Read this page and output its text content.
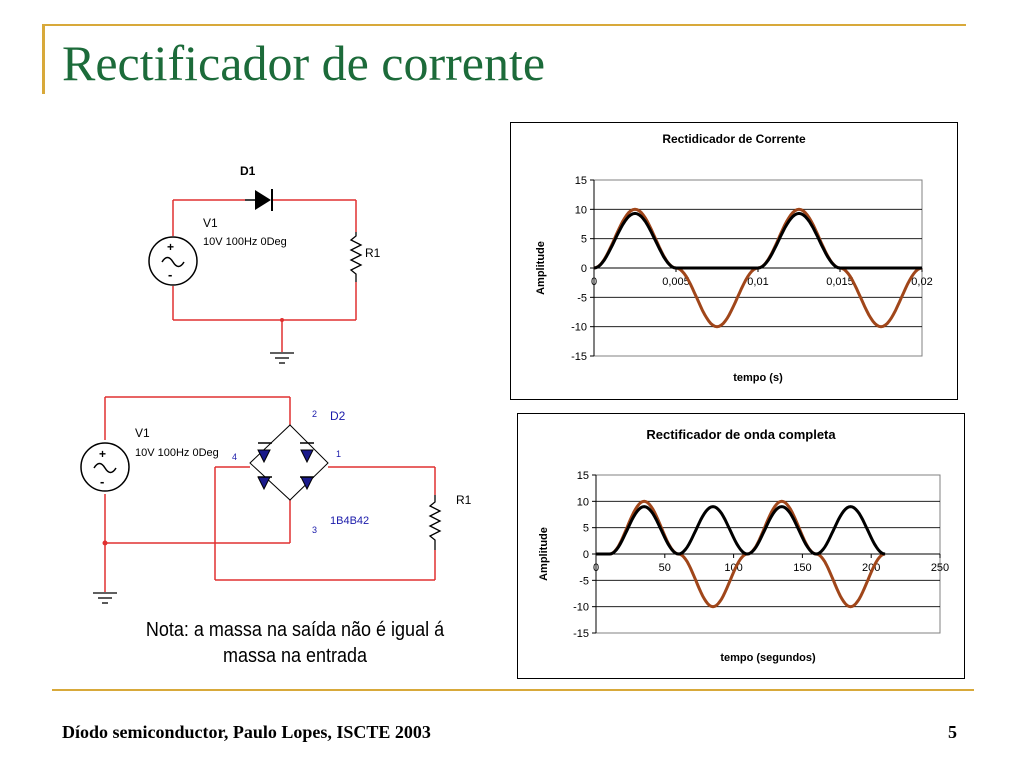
Rectificador de corrente
D1
+
-
V1
10V 100Hz 0Deg
R1
2 D2
1
4
3
1B4B42
+
-
V1
10V 100Hz 0Deg
R1
Nota: a massa na saída não é igual á massa na entrada
15
10
5
0
-5
-10
-15
0	0,005	0,01	0,015	0,02
Rectidicador de Corrente
tempo (s)
Amplitude
15
10
5
0
-5
-10
-15
0	50	100	150	200	250
Rectificador de onda completa
tempo (segundos)
Amplitude
Díodo semiconductor, Paulo Lopes, ISCTE 2003	5
